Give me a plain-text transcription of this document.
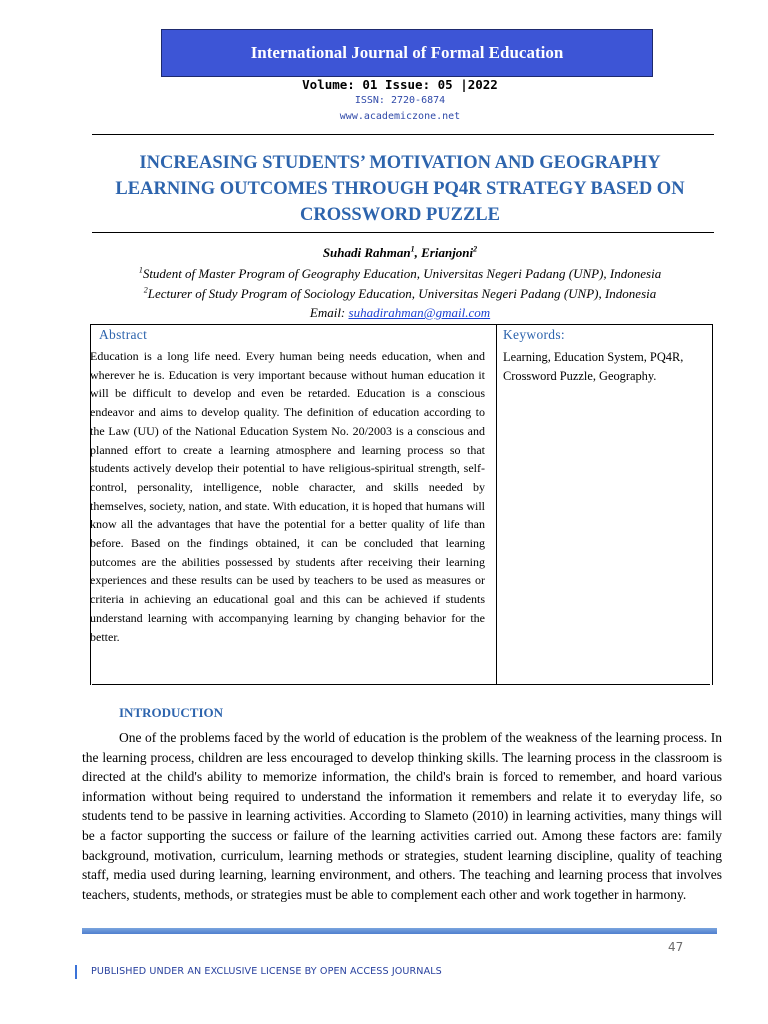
International Journal of Formal Education
Volume: 01 Issue: 05 |2022
ISSN: 2720-6874
www.academiczone.net
INCREASING STUDENTS’ MOTIVATION AND GEOGRAPHY LEARNING OUTCOMES THROUGH PQ4R STRATEGY BASED ON CROSSWORD PUZZLE
Suhadi Rahman$^1$, Erianjoni$^2$
$^1$Student of Master Program of Geography Education, Universitas Negeri Padang (UNP), Indonesia
$^2$Lecturer of Study Program of Sociology Education, Universitas Negeri Padang (UNP), Indonesia
Email: suhadirahman@gmail.com
Abstract

Education is a long life need. Every human being needs education, when and wherever he is. Education is very important because without human education it will be difficult to develop and even be retarded. Education is a conscious endeavor and aims to develop quality. The definition of education according to the Law (UU) of the National Education System No. 20/2003 is a conscious and planned effort to create a learning atmosphere and learning process so that students actively develop their potential to have religious-spiritual strength, self-control, personality, intelligence, noble character, and skills needed by themselves, society, nation, and state. With education, it is hoped that humans will know all the advantages that have the potential for a better quality of life than before. Based on the findings obtained, it can be concluded that learning outcomes are the abilities possessed by students after receiving their learning experiences and these results can be used by teachers to be used as measures or criteria in achieving an educational goal and this can be achieved if students understand learning with accompanying learning by changing behavior for the better.

Keywords:

Learning, Education System, PQ4R, Crossword Puzzle, Geography.

INTRODUCTION

One of the problems faced by the world of education is the problem of the weakness of the learning process. In the learning process, children are less encouraged to develop thinking skills. The learning process in the classroom is directed at the child's ability to memorize information, the child's brain is forced to remember, and hoard various information without being required to understand the information it remembers and relate it to everyday life, so students tend to be passive in learning activities. According to Slameto (2010) in learning activities, many things will be a factor supporting the success or failure of the learning activities carried out. Among these factors are: family background, motivation, curriculum, learning methods or strategies, student learning discipline, quality of teaching staff, media used during learning, learning environment, and others. The teaching and learning process that involves teachers, students, methods, or strategies must be able to complement each other and work together in harmony.

47
PUBLISHED UNDER AN EXCLUSIVE LICENSE BY OPEN ACCESS JOURNALS
